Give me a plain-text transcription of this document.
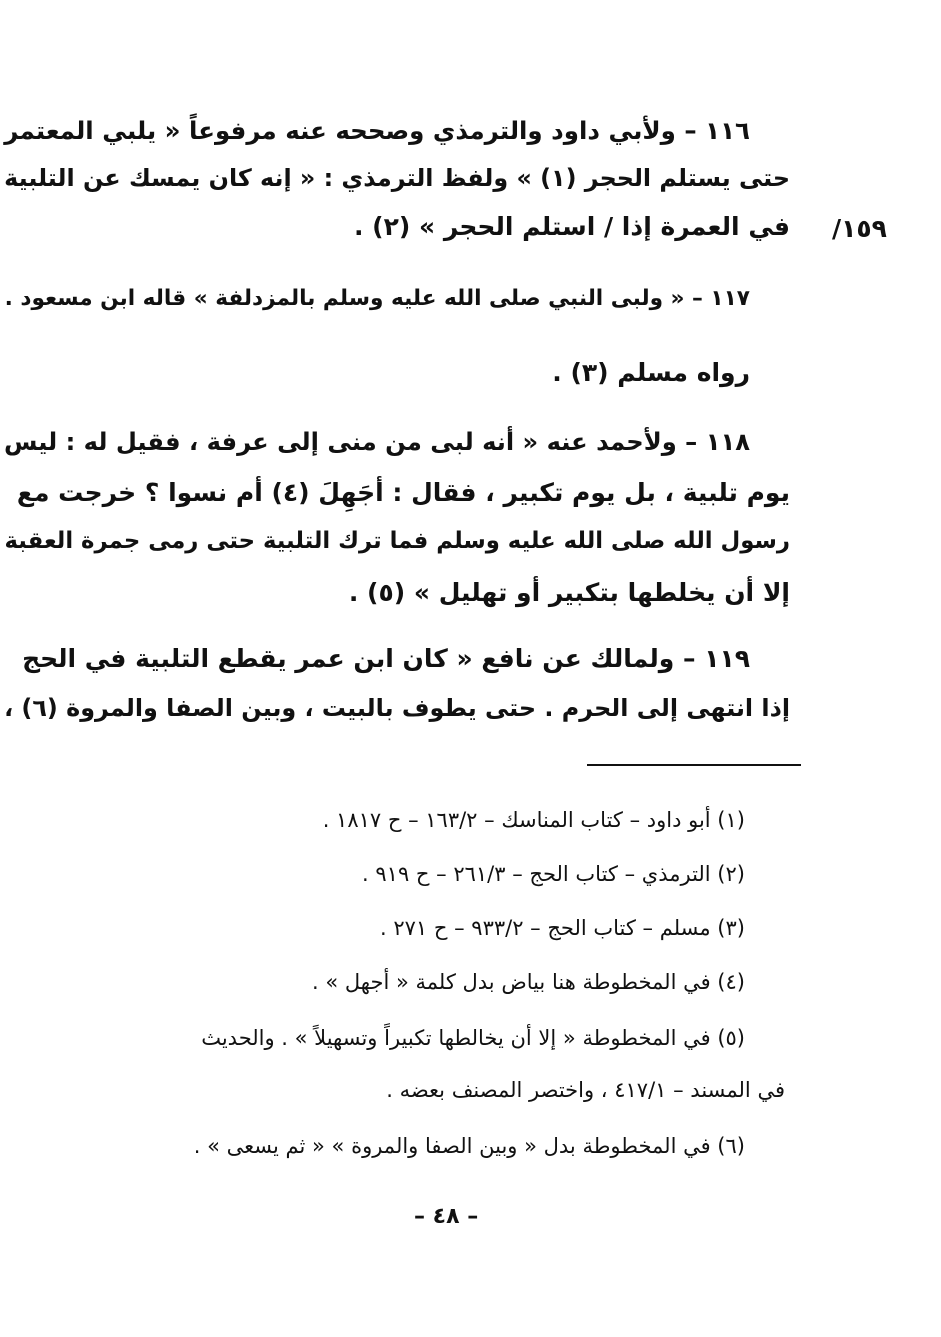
١١٦ – ولأبي داود والترمذي وصححه عنه مرفوعاً « يلبي المعتمر
حتى يستلم الحجر (١) » ولفظ الترمذي : « إنه كان يمسك عن التلبية
في العمرة إذا / استلم الحجر » (٢) . ١٥٩/
١١٧ – « ولبى النبي صلى الله عليه وسلم بالمزدلفة » قاله ابن مسعود .
رواه مسلم (٣) .
١١٨ – ولأحمد عنه « أنه لبى من منى إلى عرفة ، فقيل له : ليس
يوم تلبية ، بل يوم تكبير ، فقال : أجَهِلَ (٤) أم نسوا ؟ خرجت مع
رسول الله صلى الله عليه وسلم فما ترك التلبية حتى رمى جمرة العقبة
إلا أن يخلطها بتكبير أو تهليل » (٥) .
١١٩ – ولمالك عن نافع « كان ابن عمر يقطع التلبية في الحج
إذا انتهى إلى الحرم . حتى يطوف بالبيت ، وبين الصفا والمروة (٦) ،
(١) أبو داود – كتاب المناسك – ١٦٣/٢ – ح ١٨١٧ .
(٢) الترمذي – كتاب الحج – ٢٦١/٣ – ح ٩١٩ .
(٣) مسلم – كتاب الحج – ٩٣٣/٢ – ح ٢٧١ .
(٤) في المخطوطة هنا بياض بدل كلمة « أجهل » .
(٥) في المخطوطة « إلا أن يخالطها تكبيراً وتسهيلاً » . والحديث
في المسند – ٤١٧/١ ، واختصر المصنف بعضه .
(٦) في المخطوطة بدل « وبين الصفا والمروة » « ثم يسعى » .
– ٤٨ –
